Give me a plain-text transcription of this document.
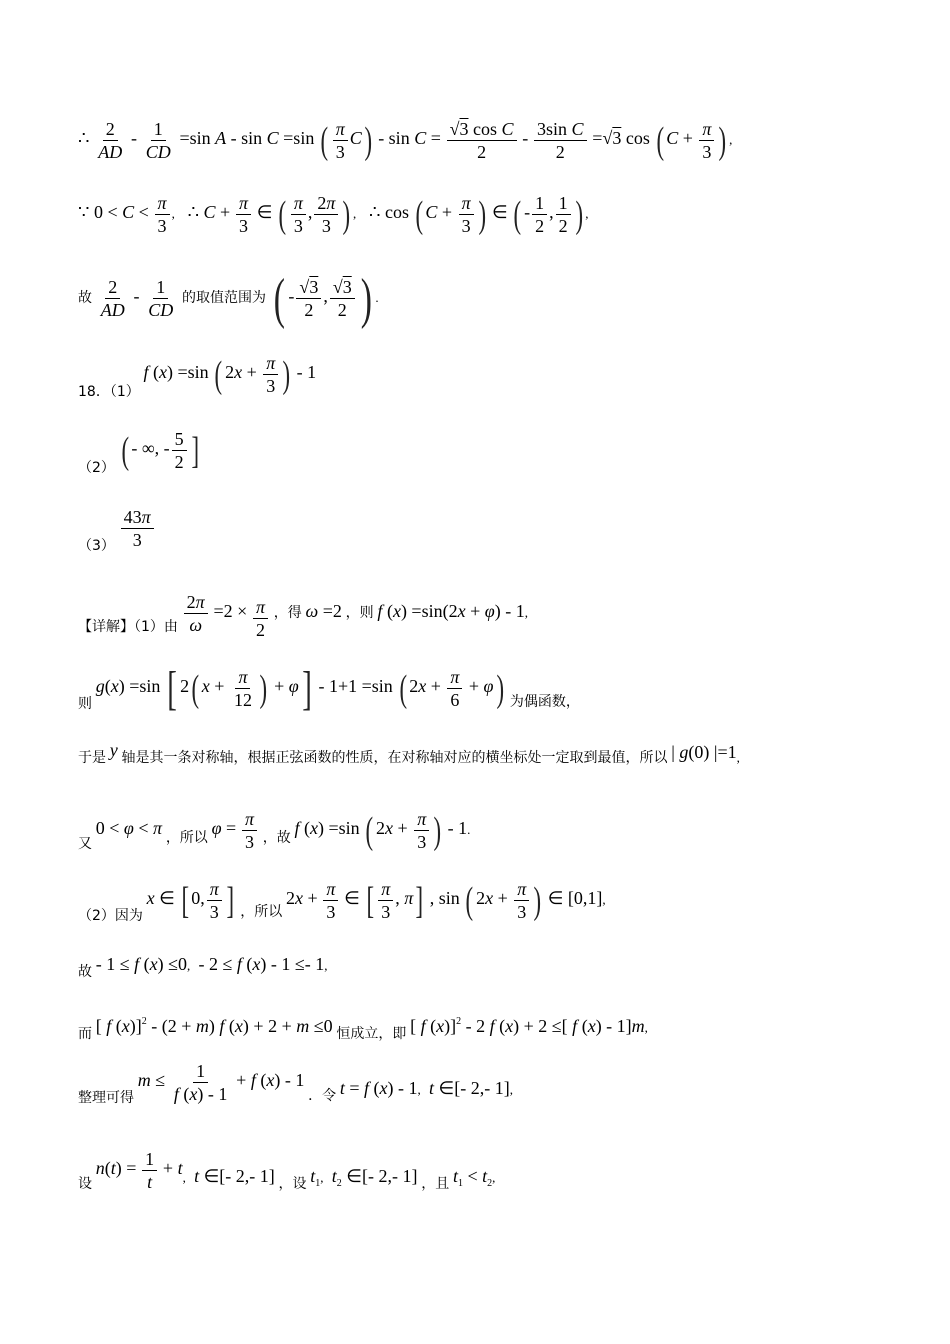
∴ $\frac{2}{AD} - \frac{1}{CD} =\sin$ A - sin C =sin ( $\frac{\pi}{3} C) - \sin C = \frac{\text{√3 cos C}}{2} - \frac{\text{3sin C}}{2} =√3$ cos ( $C + \frac{\pi}{3}$ ) ,
∵ $0 < C < \frac{\pi}{3}$ ,   ∴ $C + \frac{\pi}{3}$ ∈ ( $\frac{\pi}{3}$ , $\frac{2\pi}{3}$ ) ,   ∴ cos ( $C + \frac{\pi}{3}$ ) ∈ ( - $\frac{1}{2}$ , $\frac{1}{2}$ ) ,
故 $\frac{2}{AD} - \frac{1}{CD}$ 的取值范围为 ( - $\frac{√3}{2}$ , $\frac{√3}{2}$ ) .
18．（1） f (x) =sin ( $2x + \frac{\pi}{3}$ ) - 1
（2） ( - ∞, - $\frac{5}{2}$ ]
$(3) \frac{43\pi}{3}$
【详解】（1）由 $\frac{2\pi}{\omega} =2 \times \frac{\pi}{2}$ ，得 ω =2 ，则 f (x) =sin(2x + φ) - 1,
则 g(x) =sin [ 2( $x + \frac{\pi}{12}$ ) + φ] - 1+1 =sin ( $2x + \frac{\pi}{6} + \varphi$) 为偶函数，
于是 y 轴是其一条对称轴，根据正弦函数的性质，在对称轴对应的横坐标处一定取到最值，所以 | g(0) |=1,
又 0 < φ < π ，所以 $\varphi = \frac{\pi}{3}$ ，故 f (x) =sin ( $2x + \frac{\pi}{3}$ ) - 1.
（2）因为 x ∈ [ 0, $\frac{\pi}{3}$ ] ，所以 $2x + \frac{\pi}{3}$ ∈ [ $\frac{\pi}{3}$ , π] , sin ( $2x + \frac{\pi}{3}$ ) ∈ [0,1],
故 - 1 ≤ f (x) ≤0,  - 2 ≤ f (x) - 1 ≤- 1,
而 [ f (x)]$^2$ - (2 + m) f (x) + 2 + m ≤0 恒成立，即 [ f (x)]$^2$ - 2 f (x) + 2 ≤[ f (x) - 1]m,
整理可得 $m \le \frac{1}{f (x) - 1} + f$ (x) - 1 ．令 t = f (x) - 1, t ∈[- 2,- 1],
设 $n(t) = \frac{1}{t} + t$, t ∈[- 2,- 1] ，设 $t_1$, $t_2$ ∈[- 2,- 1] ，且 $t_1 < t_2$,
